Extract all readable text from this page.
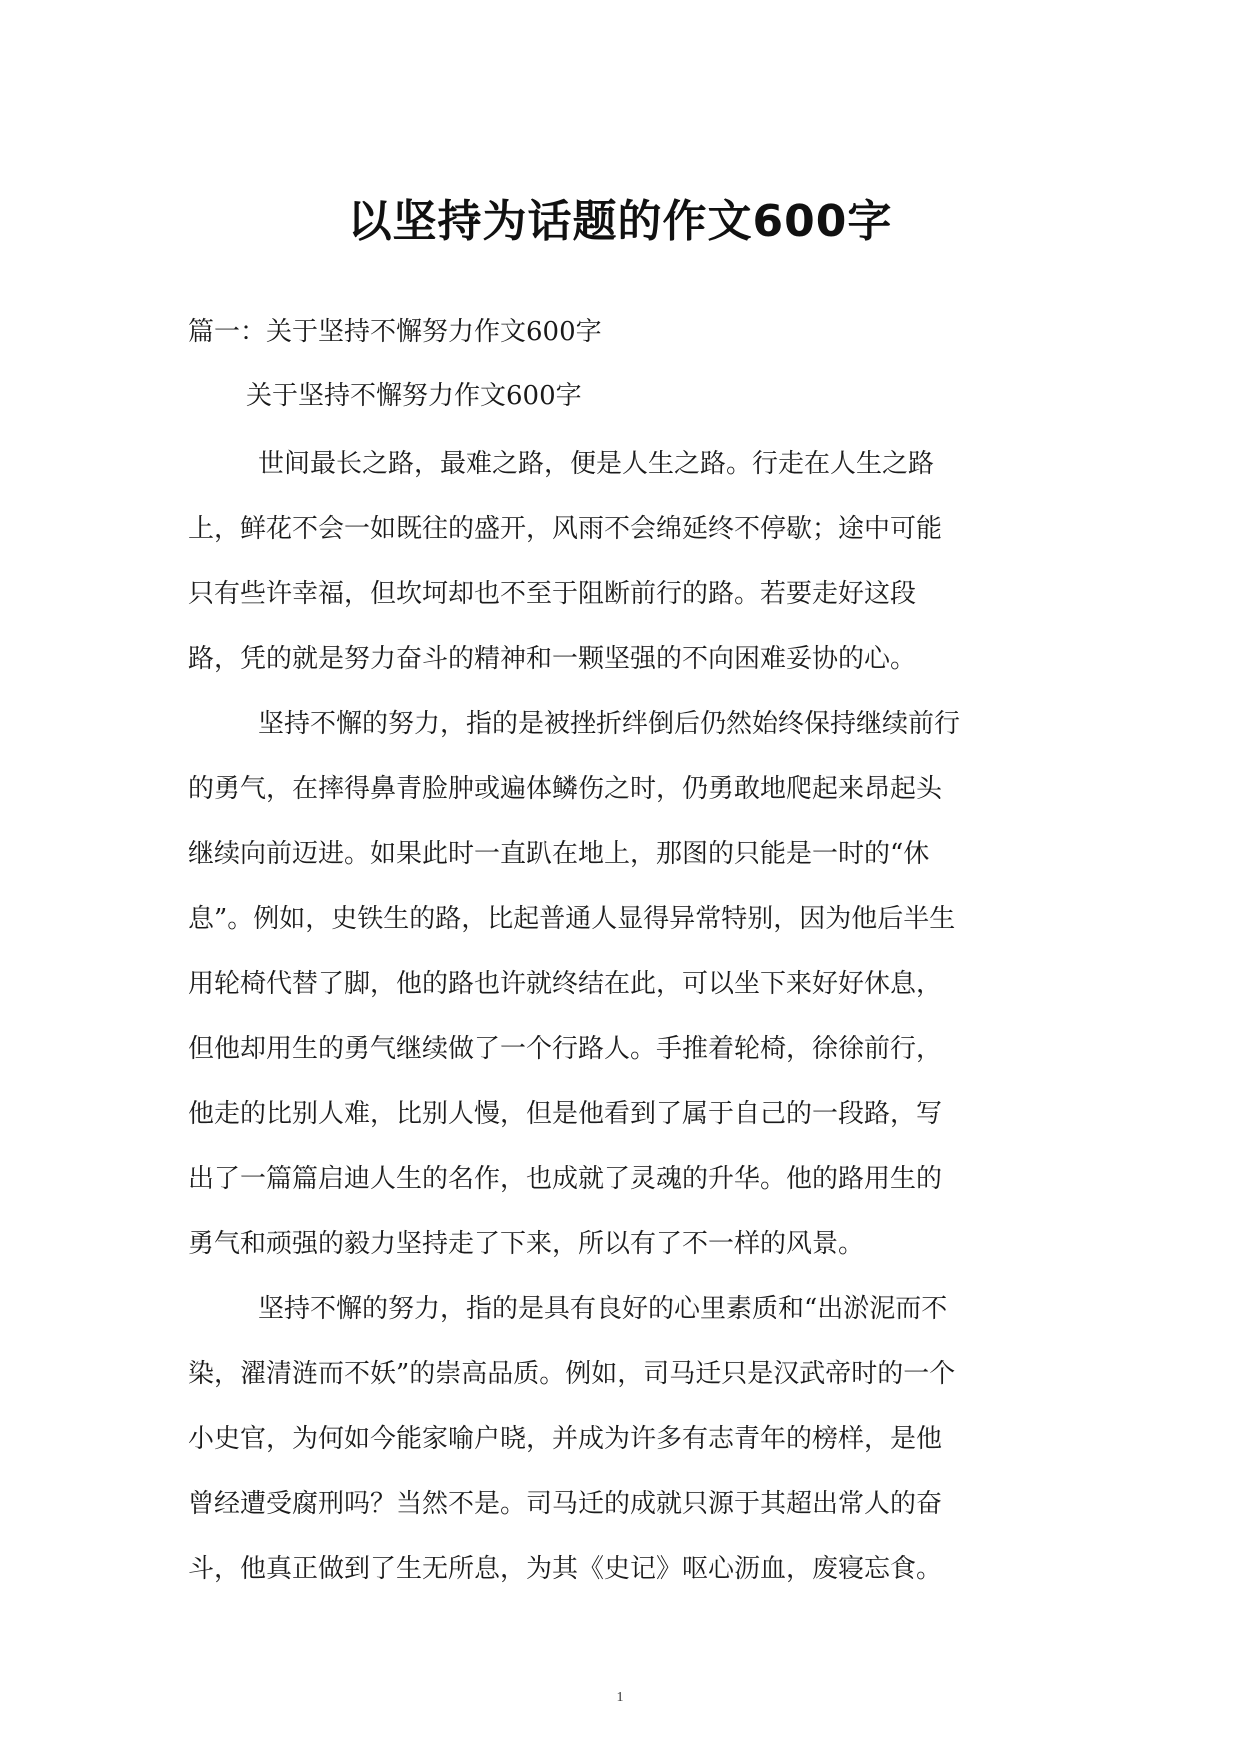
以坚持为话题的作文600字
篇一：关于坚持不懈努力作文600字
关于坚持不懈努力作文600字
世间最长之路，最难之路，便是人生之路。行走在人生之路
上，鲜花不会一如既往的盛开，风雨不会绵延终不停歇；途中可能
只有些许幸福，但坎坷却也不至于阻断前行的路。若要走好这段
路，凭的就是努力奋斗的精神和一颗坚强的不向困难妥协的心。
坚持不懈的努力，指的是被挫折绊倒后仍然始终保持继续前行
的勇气，在摔得鼻青脸肿或遍体鳞伤之时，仍勇敢地爬起来昂起头
继续向前迈进。如果此时一直趴在地上，那图的只能是一时的“休
息”。例如，史铁生的路，比起普通人显得异常特别，因为他后半生
用轮椅代替了脚，他的路也许就终结在此，可以坐下来好好休息，
但他却用生的勇气继续做了一个行路人。手推着轮椅，徐徐前行，
他走的比别人难，比别人慢，但是他看到了属于自己的一段路，写
出了一篇篇启迪人生的名作，也成就了灵魂的升华。他的路用生的
勇气和顽强的毅力坚持走了下来，所以有了不一样的风景。
坚持不懈的努力，指的是具有良好的心里素质和“出淤泥而不
染，濯清涟而不妖”的崇高品质。例如，司马迁只是汉武帝时的一个
小史官，为何如今能家喻户晓，并成为许多有志青年的榜样，是他
曾经遭受腐刑吗？当然不是。司马迁的成就只源于其超出常人的奋
斗，他真正做到了生无所息，为其《史记》呕心沥血，废寝忘食。
1
